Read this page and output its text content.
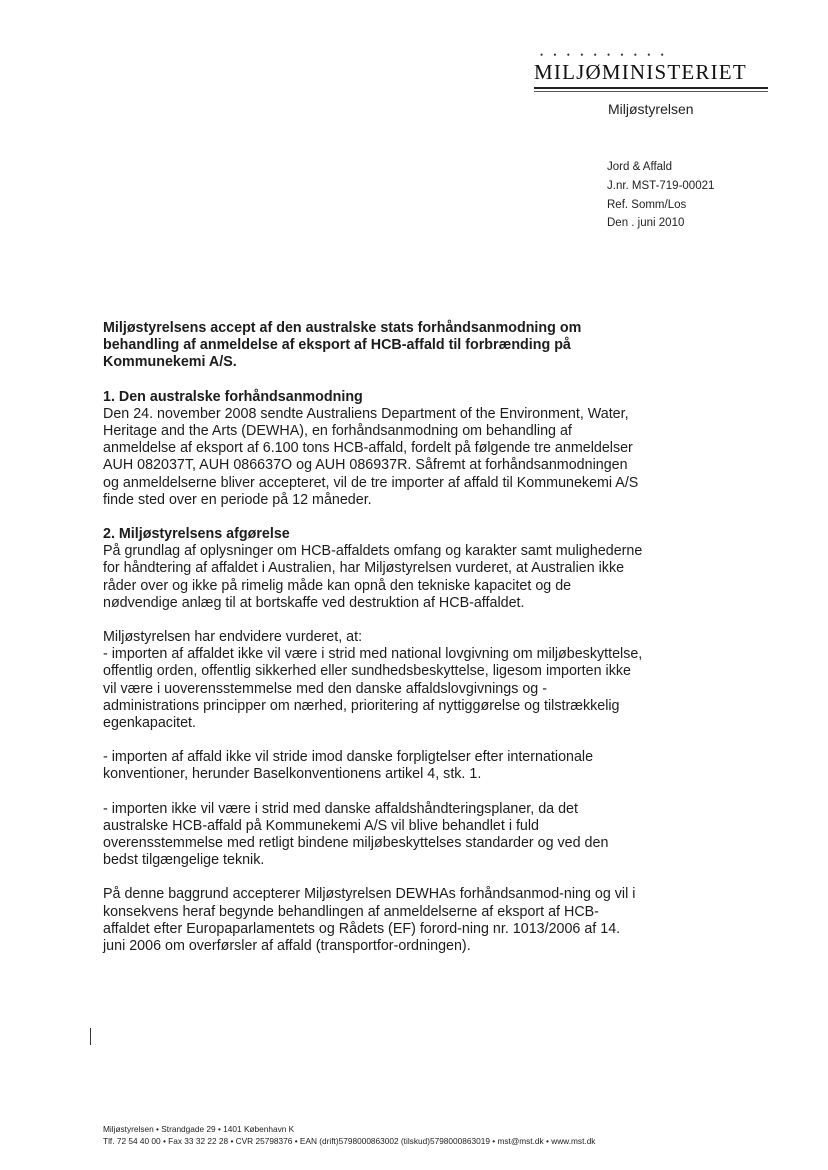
• • • • • • • • • •
MILJØMINISTERIET
Miljøstyrelsen
Jord & Affald
J.nr. MST-719-00021
Ref. Somm/Los
Den . juni 2010

Miljøstyrelsens accept af den australske stats forhåndsanmodning om behandling af anmeldelse af eksport af HCB-affald til forbrænding på Kommunekemi A/S.

1. Den australske forhåndsanmodning

Den 24. november 2008 sendte Australiens Department of the Environment, Water, Heritage and the Arts (DEWHA), en forhåndsanmodning om behandling af anmeldelse af eksport af 6.100 tons HCB-affald, fordelt på følgende tre anmeldelser AUH 082037T, AUH 086637O og AUH 086937R. Såfremt at forhåndsanmodningen og anmeldelserne bliver accepteret, vil de tre importer af affald til Kommunekemi A/S finde sted over en periode på 12 måneder.

2. Miljøstyrelsens afgørelse

På grundlag af oplysninger om HCB-affaldets omfang og karakter samt mulighederne for håndtering af affaldet i Australien, har Miljøstyrelsen vurderet, at Australien ikke råder over og ikke på rimelig måde kan opnå den tekniske kapacitet og de nødvendige anlæg til at bortskaffe ved destruktion af HCB-affaldet.

Miljøstyrelsen har endvidere vurderet, at:

- importen af affaldet ikke vil være i strid med national lovgivning om miljøbeskyttelse, offentlig orden, offentlig sikkerhed eller sundhedsbeskyttelse, ligesom importen ikke vil være i uoverensstemmelse med den danske affaldslovgivnings og -administrations principper om nærhed, prioritering af nyttiggørelse og tilstrækkelig egenkapacitet.

- importen af affald ikke vil stride imod danske forpligtelser efter internationale konventioner, herunder Baselkonventionens artikel 4, stk. 1.

- importen ikke vil være i strid med danske affaldshåndteringsplaner, da det australske HCB-affald på Kommunekemi A/S vil blive behandlet i fuld overensstemmelse med retligt bindene miljøbeskyttelses standarder og ved den bedst tilgængelige teknik.

På denne baggrund accepterer Miljøstyrelsen DEWHAs forhåndsanmod-ning og vil i konsekvens heraf begynde behandlingen af anmeldelserne af eksport af HCB-affaldet efter Europaparlamentets og Rådets (EF) forord-ning nr. 1013/2006 af 14. juni 2006 om overførsler af affald (transportfor-ordningen).

Miljøstyrelsen • Strandgade 29 • 1401 København K
Tlf. 72 54 40 00 • Fax 33 32 22 28 • CVR 25798376 • EAN (drift)5798000863002 (tilskud)5798000863019 • mst@mst.dk • www.mst.dk
